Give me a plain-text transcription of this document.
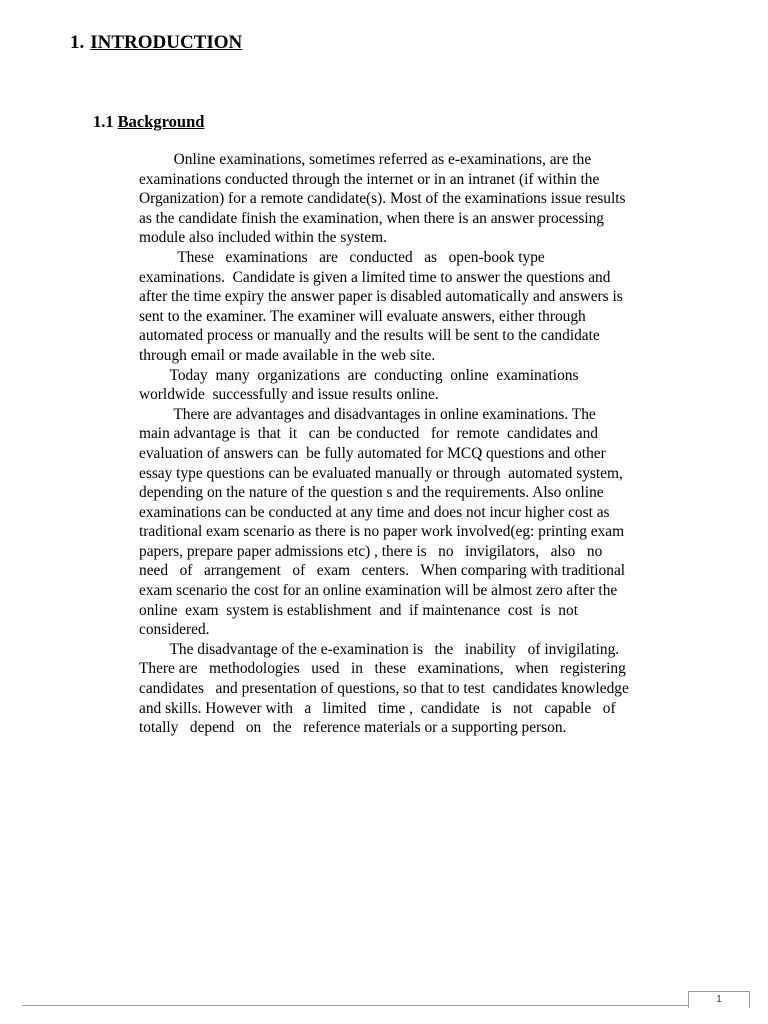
1. INTRODUCTION
1.1 Background
Online examinations, sometimes referred as e-examinations, are the
examinations conducted through the internet or in an intranet (if within the
Organization) for a remote candidate(s). Most of the examinations issue results
as the candidate finish the examination, when there is an answer processing
module also included within the system.
These   examinations   are   conducted   as   open-book type
examinations.  Candidate is given a limited time to answer the questions and
after the time expiry the answer paper is disabled automatically and answers is
sent to the examiner. The examiner will evaluate answers, either through
automated process or manually and the results will be sent to the candidate
through email or made available in the web site.
Today  many  organizations  are  conducting  online  examinations
worldwide  successfully and issue results online.
There are advantages and disadvantages in online examinations. The
main advantage is  that  it   can  be conducted   for  remote  candidates and
evaluation of answers can  be fully automated for MCQ questions and other
essay type questions can be evaluated manually or through  automated system,
depending on the nature of the question s and the requirements. Also online
examinations can be conducted at any time and does not incur higher cost as
traditional exam scenario as there is no paper work involved(eg: printing exam
papers, prepare paper admissions etc) , there is   no   invigilators,   also   no
need   of   arrangement   of   exam   centers.   When comparing with traditional
exam scenario the cost for an online examination will be almost zero after the
online  exam  system is establishment  and  if maintenance  cost  is  not
considered.
The disadvantage of the e-examination is   the   inability   of invigilating.
There are   methodologies   used   in   these   examinations,   when   registering
candidates   and presentation of questions, so that to test  candidates knowledge
and skills. However with   a   limited   time ,  candidate   is   not   capable   of
totally   depend   on   the   reference materials or a supporting person.
1
